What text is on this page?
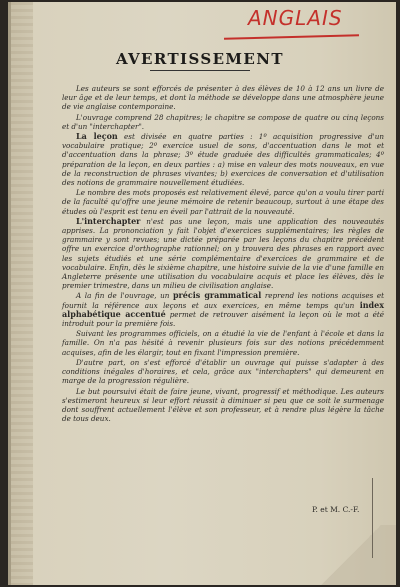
ANGLAIS

AVERTISSEMENT

Les auteurs se sont efforcés de présenter à des élèves de 10 à 12 ans un livre de leur âge et de leur temps, et dont la méthode se développe dans une atmosphère jeune de vie anglaise contemporaine.

L'ouvrage comprend 28 chapitres; le chapitre se compose de quatre ou cinq leçons et d'un "interchapter".

La leçon est divisée en quatre parties : 1º acquisition progressive d'un vocabulaire pratique; 2º exercice usuel de sons, d'accentuation dans le mot et d'accentuation dans la phrase; 3º étude graduée des difficultés grammaticales; 4º préparation de la leçon, en deux parties : a) mise en valeur des mots nouveaux, en vue de la reconstruction de phrases vivantes; b) exercices de conversation et d'utilisation des notions de grammaire nouvellement étudiées.

Le nombre des mots proposés est relativement élevé, parce qu'on a voulu tirer parti de la faculté qu'offre une jeune mémoire de retenir beaucoup, surtout à une étape des études où l'esprit est tenu en éveil par l'attrait de la nouveauté.

L'interchapter n'est pas une leçon, mais une application des nouveautés apprises. La prononciation y fait l'objet d'exercices supplémentaires; les règles de grammaire y sont revues; une dictée préparée par les leçons du chapitre précédent offre un exercice d'orthographe rationnel; on y trouvera des phrases en rapport avec les sujets étudiés et une série complémentaire d'exercices de grammaire et de vocabulaire. Enfin, dès le sixième chapitre, une histoire suivie de la vie d'une famille en Angleterre présente une utilisation du vocabulaire acquis et place les élèves, dès le premier trimestre, dans un milieu de civilisation anglaise.

A la fin de l'ouvrage, un précis grammatical reprend les notions acquises et fournit la référence aux leçons et aux exercices, en même temps qu'un index alphabétique accentué permet de retrouver aisément la leçon où le mot a été introduit pour la première fois.

Suivant les programmes officiels, on a étudié la vie de l'enfant à l'école et dans la famille. On n'a pas hésité à revenir plusieurs fois sur des notions précédemment acquises, afin de les élargir, tout en fixant l'impression première.

D'autre part, on s'est efforcé d'établir un ouvrage qui puisse s'adapter à des conditions inégales d'horaires, et cela, grâce aux "interchapters" qui demeurent en marge de la progression régulière.

Le but poursuivi était de faire jeune, vivant, progressif et méthodique. Les auteurs s'estimeront heureux si leur effort réussit à diminuer si peu que ce soit le surmenage dont souffrent actuellement l'élève et son professeur, et à rendre plus légère la tâche de tous deux.

P. et M. C.-F.
